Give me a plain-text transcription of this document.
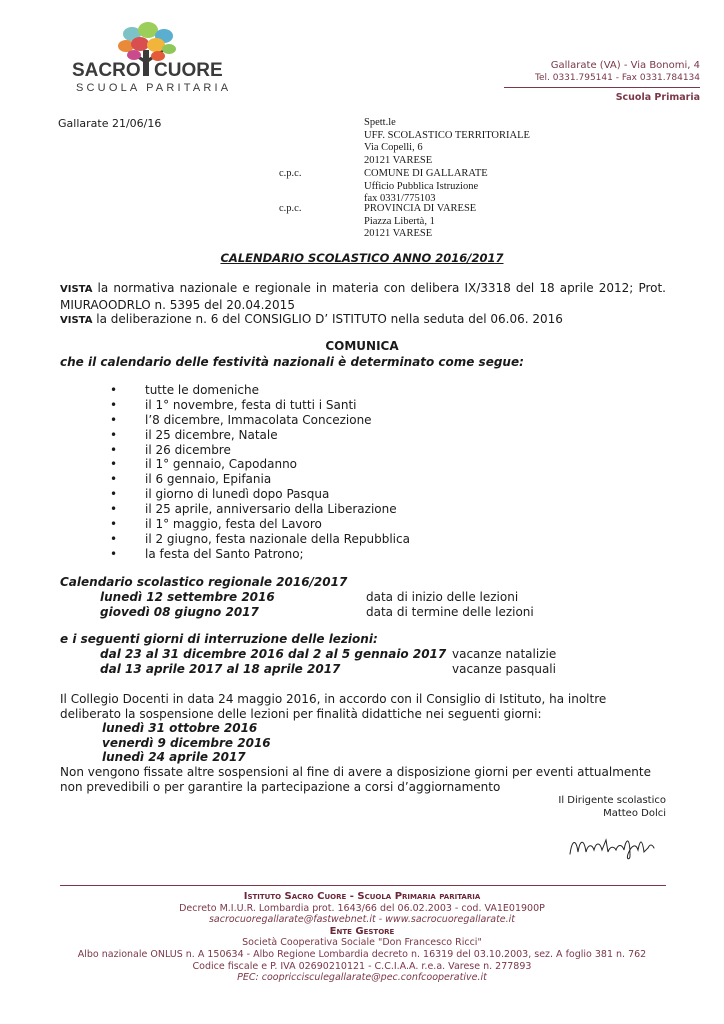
SACRO CUORE
SCUOLA PARITARIA
Gallarate (VA) - Via Bonomi, 4
Tel. 0331.795141 - Fax 0331.784134
Scuola Primaria
Gallarate 21/06/16	Spett.le
UFF. SCOLASTICO TERRITORIALE
Via Copelli, 6
20121 VARESE
c.p.c.	COMUNE DI GALLARATE
Ufficio Pubblica Istruzione
fax 0331/775103
c.p.c.	PROVINCIA DI VARESE
Piazza Libertà, 1
20121 VARESE
CALENDARIO SCOLASTICO ANNO 2016/2017
VISTA la normativa nazionale e regionale in materia con delibera IX/3318 del 18 aprile 2012; Prot. MIURAOODRLO n. 5395 del 20.04.2015
VISTA la deliberazione n. 6 del CONSIGLIO D’ ISTITUTO nella seduta del 06.06. 2016
COMUNICA
che il calendario delle festività nazionali è determinato come segue:
• tutte le domeniche
• il 1° novembre, festa di tutti i Santi
• l’8 dicembre, Immacolata Concezione
• il 25 dicembre, Natale
• il 26 dicembre
• il 1° gennaio, Capodanno
• il 6 gennaio, Epifania
• il giorno di lunedì dopo Pasqua
• il 25 aprile, anniversario della Liberazione
• il 1° maggio, festa del Lavoro
• il 2 giugno, festa nazionale della Repubblica
• la festa del Santo Patrono;
Calendario scolastico regionale 2016/2017
lunedì 12 settembre 2016	data di inizio delle lezioni
giovedì 08 giugno 2017	data di termine delle lezioni
e i seguenti giorni di interruzione delle lezioni:
dal 23 al 31 dicembre 2016 dal 2 al 5 gennaio 2017 vacanze natalizie
dal 13 aprile 2017 al 18 aprile 2017	vacanze pasquali
Il Collegio Docenti in data 24 maggio 2016, in accordo con il Consiglio di Istituto, ha inoltre deliberato la sospensione delle lezioni per finalità didattiche nei seguenti giorni:
lunedì 31 ottobre 2016
venerdì 9 dicembre 2016
lunedì 24 aprile 2017
Non vengono fissate altre sospensioni al fine di avere a disposizione giorni per eventi attualmente non prevedibili o per garantire la partecipazione a corsi d’aggiornamento
Il Dirigente scolastico
Matteo Dolci
Istituto Sacro Cuore - Scuola Primaria paritaria
Decreto M.I.U.R. Lombardia prot. 1643/66 del 06.02.2003 - cod. VA1E01900P
sacrocuoregallarate@fastwebnet.it - www.sacrocuoregallarate.it
Ente Gestore
Società Cooperativa Sociale "Don Francesco Ricci"
Albo nazionale ONLUS n. A 150634 - Albo Regione Lombardia decreto n. 16319 del 03.10.2003, sez. A foglio 381 n. 762
Codice fiscale e P. IVA 02690210121 - C.C.I.A.A. r.e.a. Varese n. 277893
PEC: coopriccisculegallarate@pec.confcooperative.it
